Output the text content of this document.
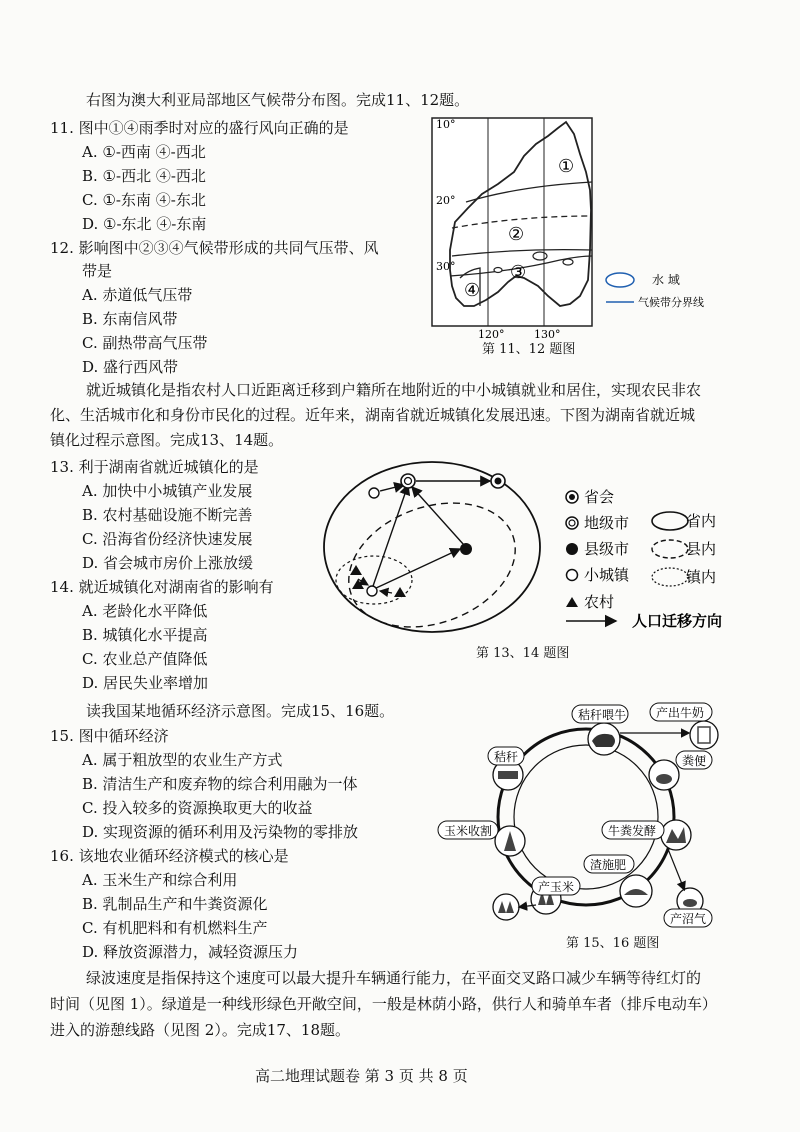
右图为澳大利亚局部地区气候带分布图。完成11、12题。
11. 图中①④雨季时对应的盛行风向正确的是
A. ①-西南 ④-西北
B. ①-西北 ④-西北
C. ①-东南 ④-东北
D. ①-东北 ④-东南
12. 影响图中②③④气候带形成的共同气压带、风
带是
A. 赤道低气压带
B. 东南信风带
C. 副热带高气压带
D. 盛行西风带
10°
20°
30°
120°	130°
①
②
③
④	水 域
气候带分界线
第 11、12 题图
就近城镇化是指农村人口近距离迁移到户籍所在地附近的中小城镇就业和居住，实现农民非农
化、生活城市化和身份市民化的过程。近年来，湖南省就近城镇化发展迅速。下图为湖南省就近城
镇化过程示意图。完成13、14题。
13. 利于湖南省就近城镇化的是
A. 加快中小城镇产业发展
B. 农村基础设施不断完善
C. 沿海省份经济快速发展
D. 省会城市房价上涨放缓
14. 就近城镇化对湖南省的影响有
A. 老龄化水平降低
B. 城镇化水平提高
C. 农业总产值降低
D. 居民失业率增加
省会
地级市
县级市
小城镇
农村
省内
县内
镇内
人口迁移方向
第 13、14 题图
读我国某地循环经济示意图。完成15、16题。
15. 图中循环经济
A. 属于粗放型的农业生产方式
B. 清洁生产和废弃物的综合利用融为一体
C. 投入较多的资源换取更大的收益
D. 实现资源的循环利用及污染物的零排放
16. 该地农业循环经济模式的核心是
A. 玉米生产和综合利用
B. 乳制品生产和牛粪资源化
C. 有机肥料和有机燃料生产
D. 释放资源潜力，减轻资源压力
秸秆喂牛 产出牛奶
秸秆	粪便
玉米收割	牛粪发酵
渣施肥
产玉米
产沼气
第 15、16 题图
绿波速度是指保持这个速度可以最大提升车辆通行能力，在平面交叉路口减少车辆等待红灯的
时间（见图 1）。绿道是一种线形绿色开敞空间，一般是林荫小路，供行人和骑单车者（排斥电动车）
进入的游憩线路（见图 2）。完成17、18题。
高二地理试题卷 第 3 页 共 8 页
